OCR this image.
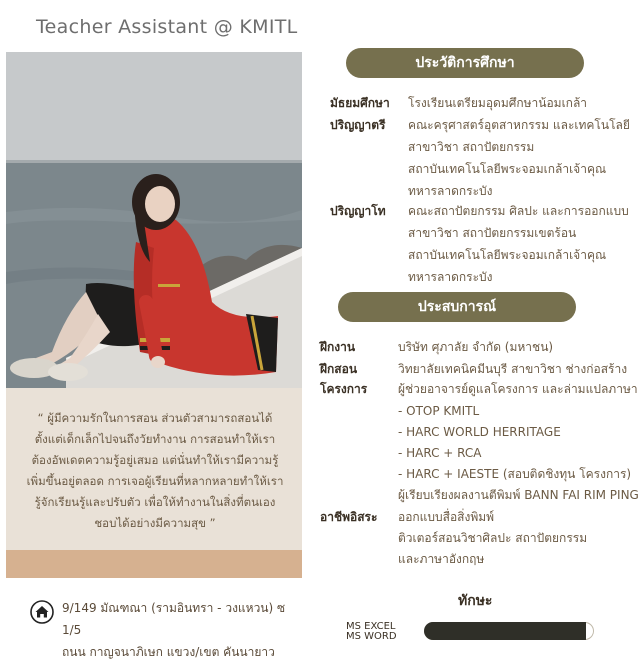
Teacher Assistant @ KMITL
“ ผู้มีความรักในการสอน ส่วนตัวสามารถสอนได้ตั้งแต่เด็กเล็กไปจนถึงวัยทำงาน การสอนทำให้เราต้องอัพเดตความรู้อยู่เสมอ แต่นั่นทำให้เรามีความรู้เพิ่มขึ้นอยู่ตลอด การเจอผู้เรียนที่หลากหลายทำให้เรารู้จักเรียนรู้และปรับตัว เพื่อให้ทำงานในสิ่งที่ตนเองชอบได้อย่างมีความสุข ”
9/149 มัณฑณา (รามอินทรา - วงแหวน) ซ 1/5
ถนน กาญจนาภิเษก แขวง/เขต คันนายาว
ประวัติการศึกษา
มัธยมศึกษา โรงเรียนเตรียมอุดมศึกษาน้อมเกล้า
ปริญญาตรี คณะครุศาสตร์อุตสาหกรรม และเทคโนโลยี
สาขาวิชา สถาปัตยกรรม
สถาบันเทคโนโลยีพระจอมเกล้าเจ้าคุณ
ทหารลาดกระบัง
ปริญญาโท คณะสถาปัตยกรรม ศิลปะ และการออกแบบ
สาขาวิชา สถาปัตยกรรมเขตร้อน
สถาบันเทคโนโลยีพระจอมเกล้าเจ้าคุณ
ทหารลาดกระบัง
ประสบการณ์
ฝึกงาน	บริษัท ศุภาลัย จำกัด (มหาชน)
ฝึกสอน	วิทยาลัยเทคนิคมีนบุรี สาขาวิชา ช่างก่อสร้าง
โครงการ	ผู้ช่วยอาจารย์ดูแลโครงการ และล่ามแปลภาษา
- OTOP KMITL
- HARC WORLD HERRITAGE
- HARC + RCA
- HARC + IAESTE (สอบติดชิงทุน โครงการ)
ผู้เรียบเรียงผลงานตีพิมพ์ BANN FAI RIM PING
อาชีพอิสระ ออกแบบสื่อสิ่งพิมพ์
ติวเตอร์สอนวิชาศิลปะ สถาปัตยกรรม
และภาษาอังกฤษ
ทักษะ
MS EXCEL
MS WORD
